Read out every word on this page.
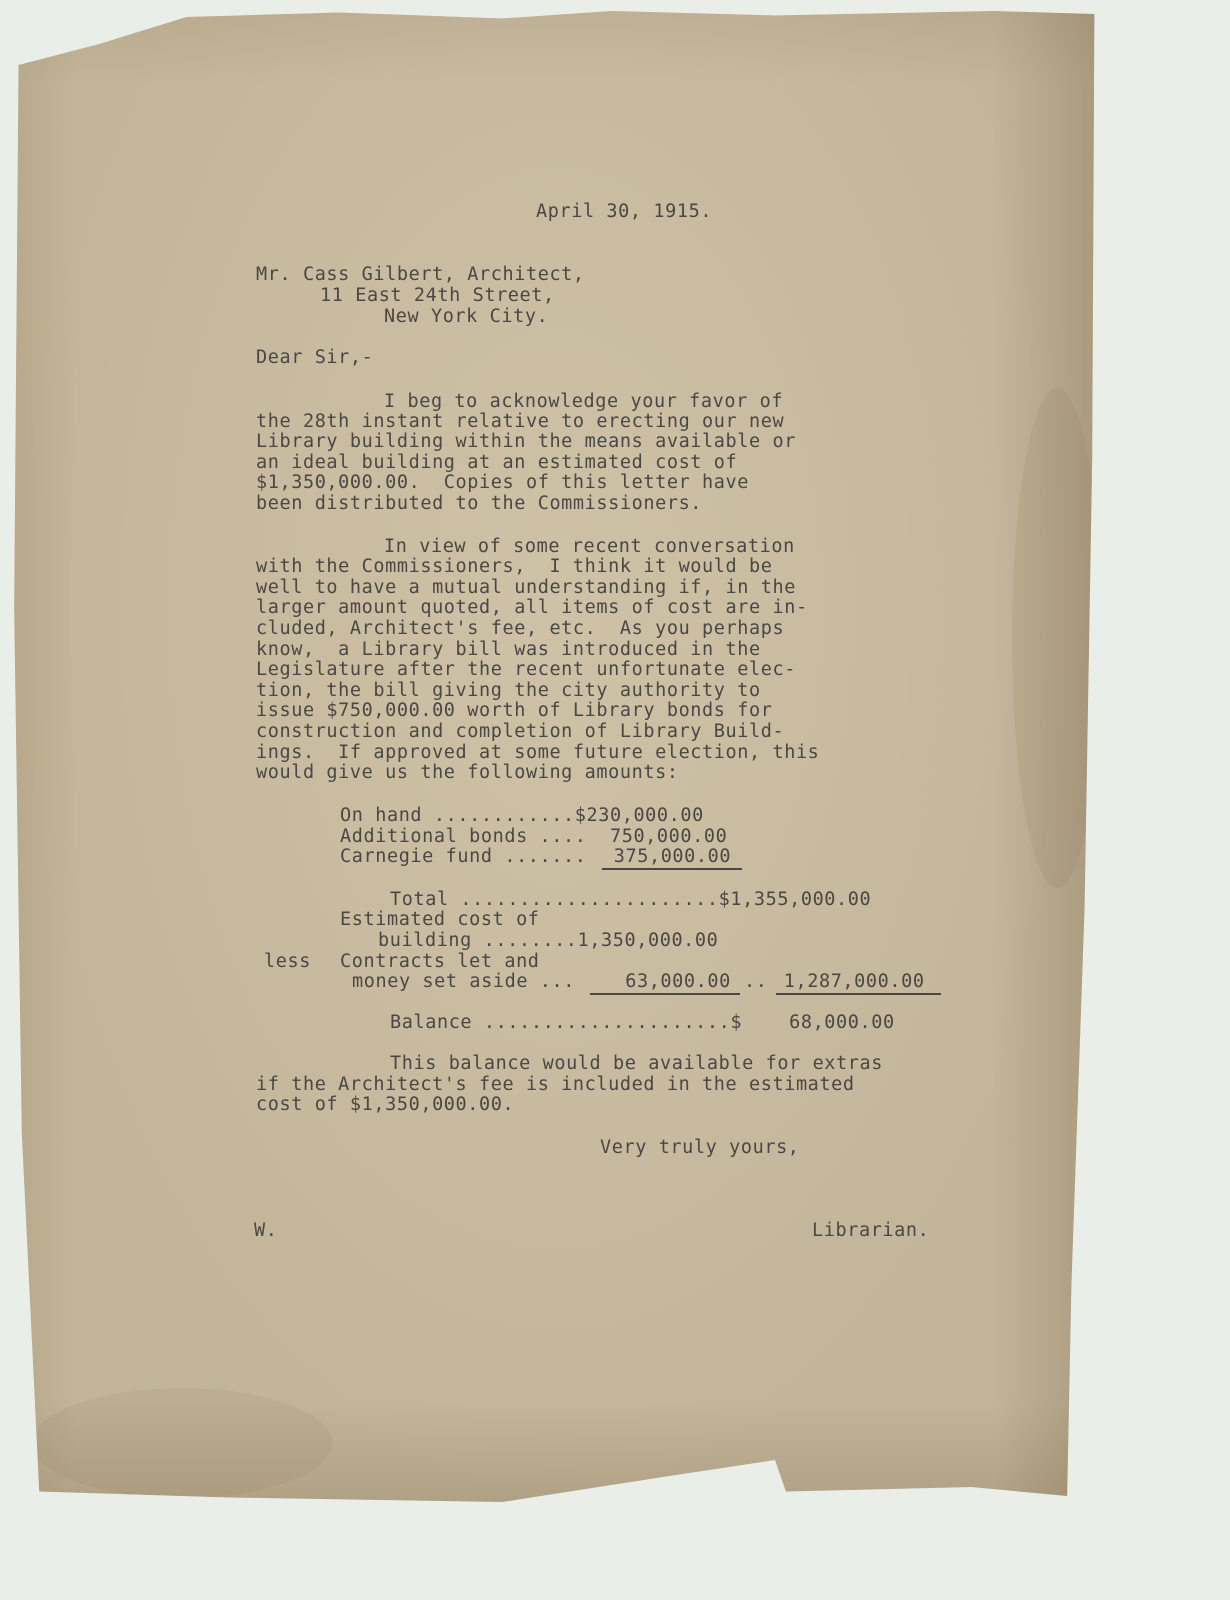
April 30, 1915.

Mr. Cass Gilbert, Architect,

11 East 24th Street,

New York City.

Dear Sir,-

I beg to acknowledge your favor of

the 28th instant relative to erecting our new

Library building within the means available or

an ideal building at an estimated cost of

$1,350,000.00.  Copies of this letter have

been distributed to the Commissioners.

In view of some recent conversation

with the Commissioners,  I think it would be

well to have a mutual understanding if, in the

larger amount quoted, all items of cost are in-

cluded, Architect's fee, etc.  As you perhaps

know,  a Library bill was introduced in the

Legislature after the recent unfortunate elec-

tion, the bill giving the city authority to

issue $750,000.00 worth of Library bonds for

construction and completion of Library Build-

ings.  If approved at some future election, this

would give us the following amounts:

On hand ............$230,000.00

Additional bonds ....  750,000.00

Carnegie fund ....... 375,000.00

Total ......................$1,355,000.00

Estimated cost of

building ........1,350,000.00

less Contracts let and

money set aside ... 63,000.00 .. 1,287,000.00

Balance .....................$    68,000.00

This balance would be available for extras

if the Architect's fee is included in the estimated

cost of $1,350,000.00.

Very truly yours,

W.	Librarian.
